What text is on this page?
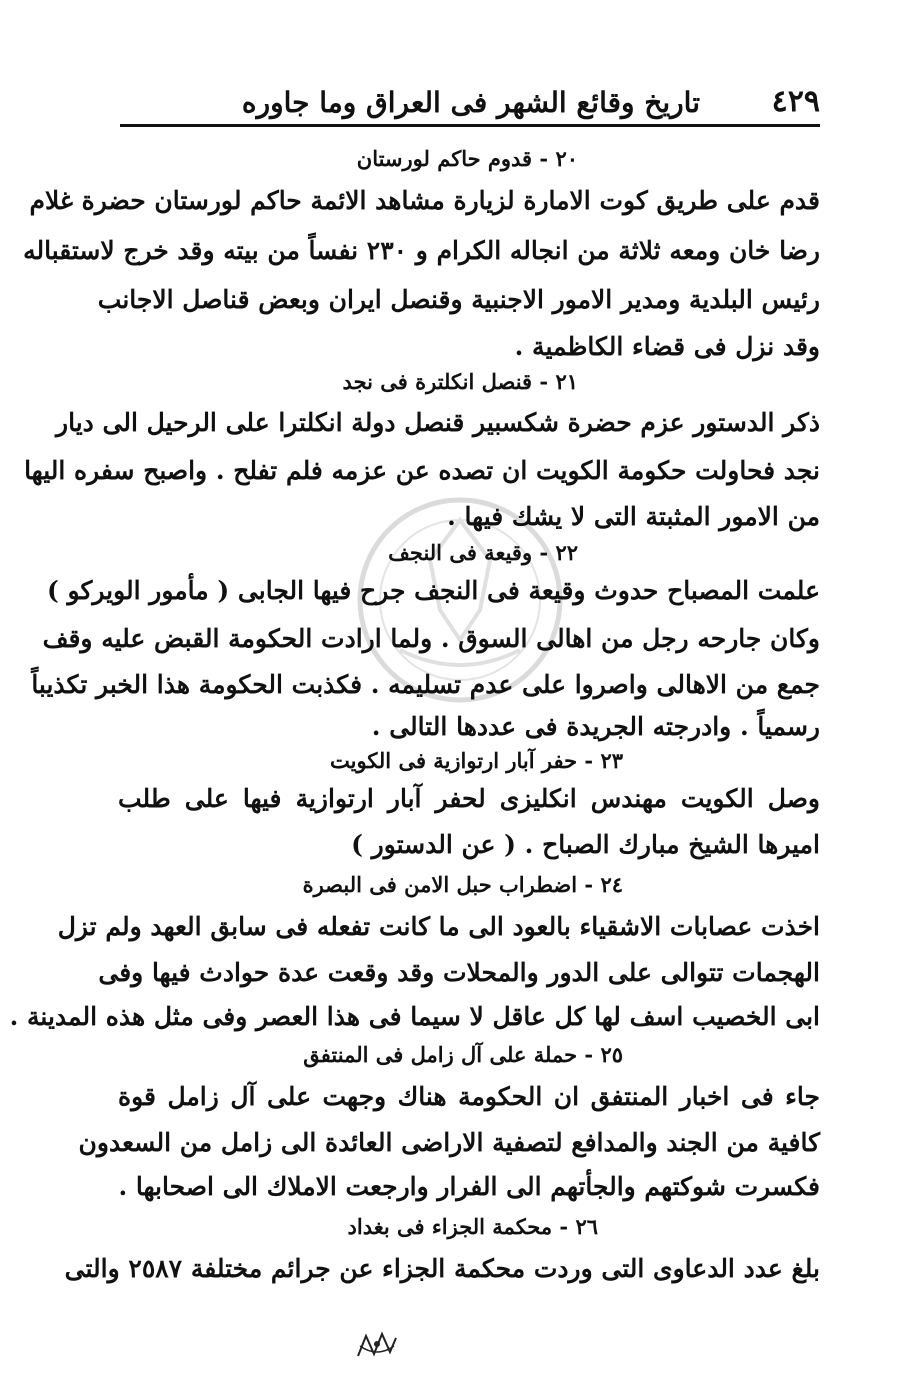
٤٢٩
تاريخ وقائع الشهر فى العراق وما جاوره
٢٠ - قدوم حاكم لورستان
قدم على طريق كوت الامارة لزيارة مشاهد الائمة حاكم لورستان حضرة غلام
رضا خان ومعه ثلاثة من انجاله الكرام و ٢٣٠ نفساً من بيته وقد خرج لاستقباله
رئيس البلدية ومدير الامور الاجنبية وقنصل ايران وبعض قناصل الاجانب
وقد نزل فى قضاء الكاظمية .
٢١ - قنصل انكلترة فى نجد
ذكر الدستور عزم حضرة شكسبير قنصل دولة انكلترا على الرحيل الى ديار
نجد فحاولت حكومة الكويت ان تصده عن عزمه فلم تفلح . واصبح سفره اليها
من الامور المثبتة التى لا يشك فيها .
٢٢ - وقيعة فى النجف
علمت المصباح حدوث وقيعة فى النجف جرح فيها الجابى ( مأمور الويركو )
وكان جارحه رجل من اهالى السوق . ولما ارادت الحكومة القبض عليه وقف
جمع من الاهالى واصروا على عدم تسليمه . فكذبت الحكومة هذا الخبر تكذيباً
رسمياً . وادرجته الجريدة فى عددها التالى .
٢٣ - حفر آبار ارتوازية فى الكويت
وصل الكويت مهندس انكليزى لحفر آبار ارتوازية فيها على طلب
اميرها الشيخ مبارك الصباح . ( عن الدستور )
٢٤ - اضطراب حبل الامن فى البصرة
اخذت عصابات الاشقياء بالعود الى ما كانت تفعله فى سابق العهد ولم تزل
الهجمات تتوالى على الدور والمحلات وقد وقعت عدة حوادث فيها وفى
ابى الخصيب اسف لها كل عاقل لا سيما فى هذا العصر وفى مثل هذه المدينة .
٢٥ - حملة على آل زامل فى المنتفق
جاء فى اخبار المنتفق ان الحكومة هناك وجهت على آل زامل قوة
كافية من الجند والمدافع لتصفية الاراضى العائدة الى زامل من السعدون
فكسرت شوكتهم والجأتهم الى الفرار وارجعت الاملاك الى اصحابها .
٢٦ - محكمة الجزاء فى بغداد
بلغ عدد الدعاوى التى وردت محكمة الجزاء عن جرائم مختلفة ٢٥٨٧ والتى
